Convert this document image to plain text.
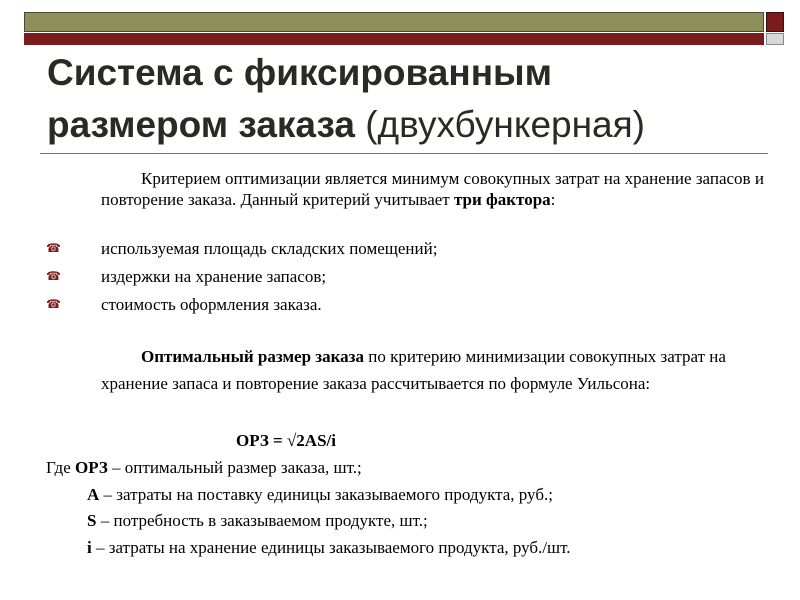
Система с фиксированным
размером заказа (двухбункерная)
Критерием оптимизации является минимум совокупных затрат на хранение запасов и повторение заказа. Данный критерий учитывает три фактора:
☎ используемая площадь складских помещений;
☎ издержки на хранение запасов;
☎ стоимость оформления заказа.
Оптимальный размер заказа по критерию минимизации совокупных затрат на хранение запаса и повторение заказа рассчитывается по формуле Уильсона:
ОРЗ = √2AS/i
Где ОРЗ – оптимальный размер заказа, шт.;
А – затраты на поставку единицы заказываемого продукта, руб.;
S – потребность в заказываемом продукте, шт.;
i – затраты на хранение единицы заказываемого продукта, руб./шт.
